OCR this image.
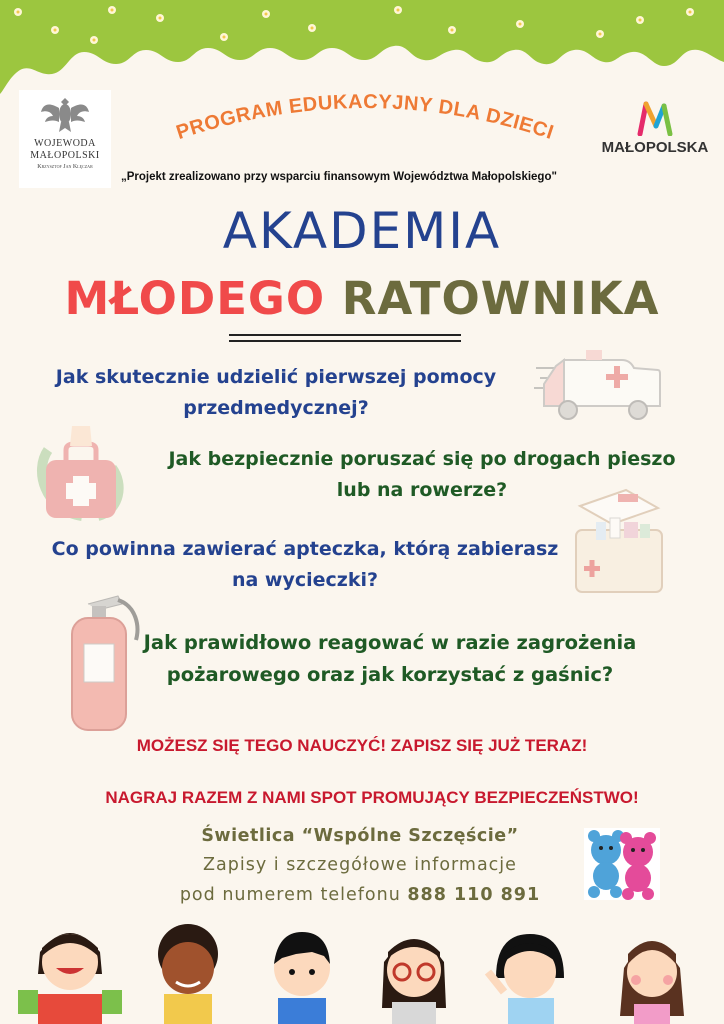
WOJEWODA
MAŁOPOLSKI
Krzysztof Jan Klęczar
PROGRAM EDUKACYJNY DLA DZIECI
MAŁOPOLSKA
„Projekt zrealizowano przy wsparciu finansowym Województwa Małopolskiego"
AKADEMIA
MŁODEGO RATOWNIKA
Jak skutecznie udzielić pierwszej pomocy
przedmedycznej?
Jak bezpiecznie poruszać się po drogach pieszo
lub na rowerze?
Co powinna zawierać apteczka, którą zabierasz
na wycieczki?
Jak prawidłowo reagować w razie zagrożenia
pożarowego oraz jak korzystać z gaśnic?
MOŻESZ SIĘ TEGO NAUCZYĆ! ZAPISZ SIĘ JUŻ TERAZ!
NAGRAJ RAZEM Z NAMI SPOT PROMUJĄCY BEZPIECZEŃSTWO!
Świetlica “Wspólne Szczęście”
Zapisy i szczegółowe informacje
pod numerem telefonu 888 110 891
